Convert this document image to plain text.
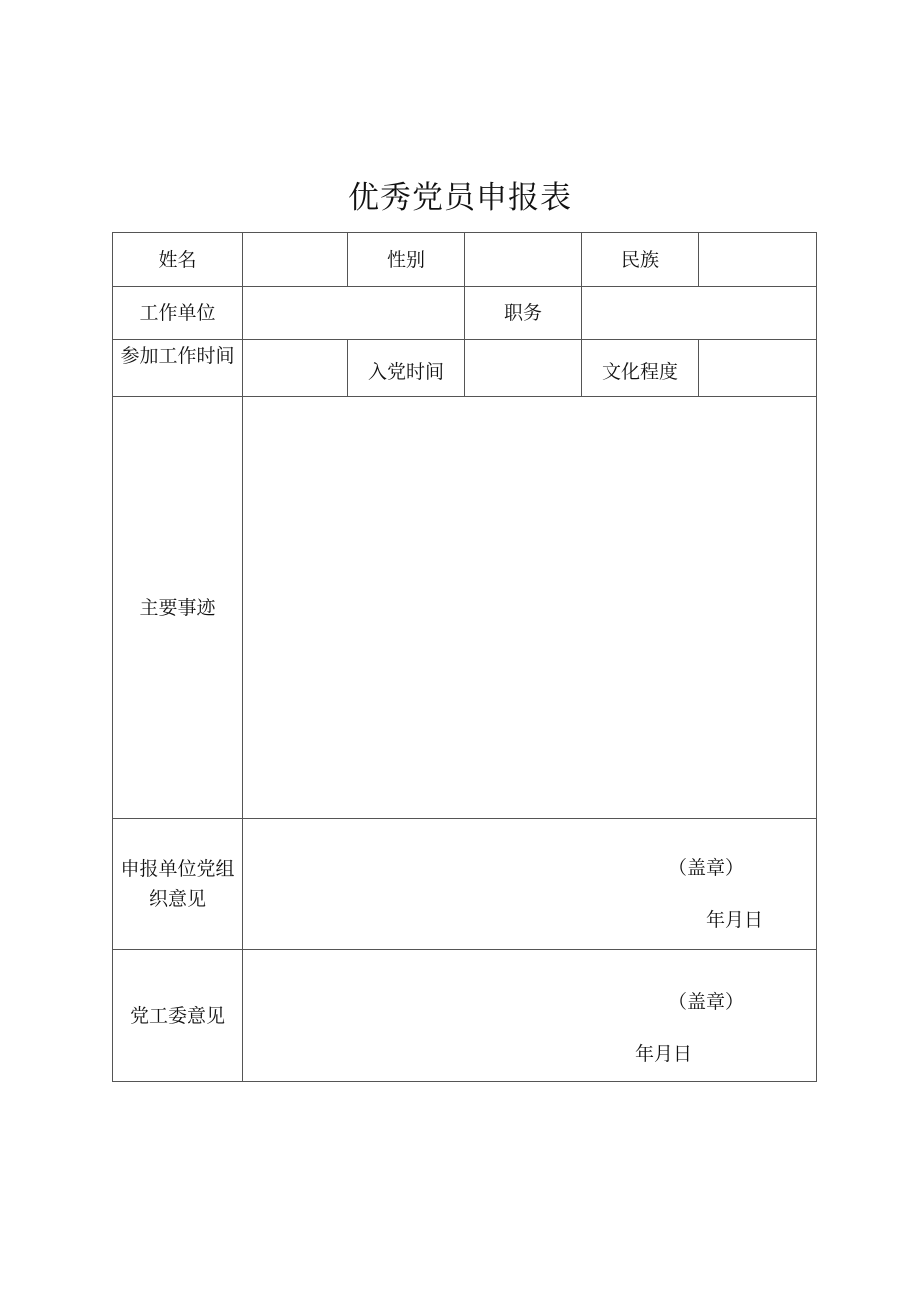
优秀党员申报表
姓名		性别		民族	
工作单位			职务		
参加工作时间		入党时间		文化程度	
主要事迹					
申报单位党组织意见	（盖章）
年月日				

党工委意见	（盖章）
年月日				
